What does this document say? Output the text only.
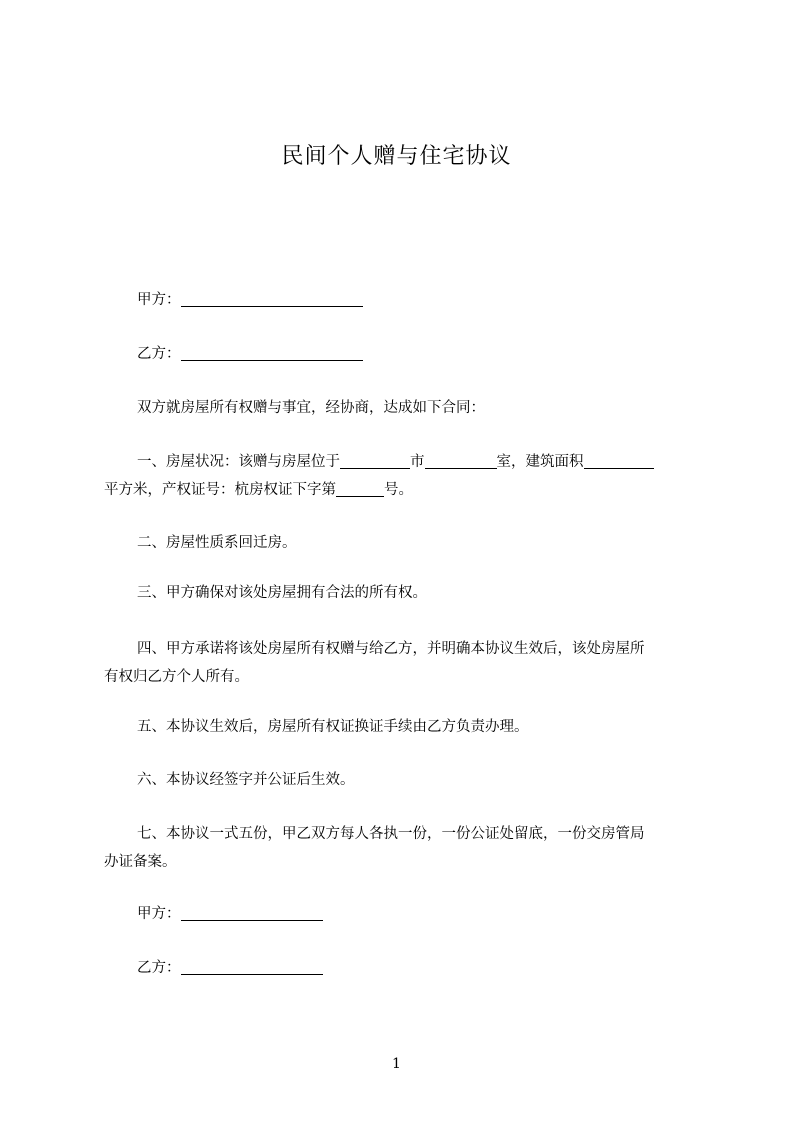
民间个人赠与住宅协议
甲方：
乙方：
双方就房屋所有权赠与事宜，经协商，达成如下合同：
一、房屋状况：该赠与房屋位于	市	室，建筑面积
平方米，产权证号：杭房权证下字第	号。
二、房屋性质系回迁房。
三、甲方确保对该处房屋拥有合法的所有权。
四、甲方承诺将该处房屋所有权赠与给乙方，并明确本协议生效后，该处房屋所
有权归乙方个人所有。
五、本协议生效后，房屋所有权证换证手续由乙方负责办理。
六、本协议经签字并公证后生效。
七、本协议一式五份，甲乙双方每人各执一份，一份公证处留底，一份交房管局
办证备案。
甲方：
乙方：
1
